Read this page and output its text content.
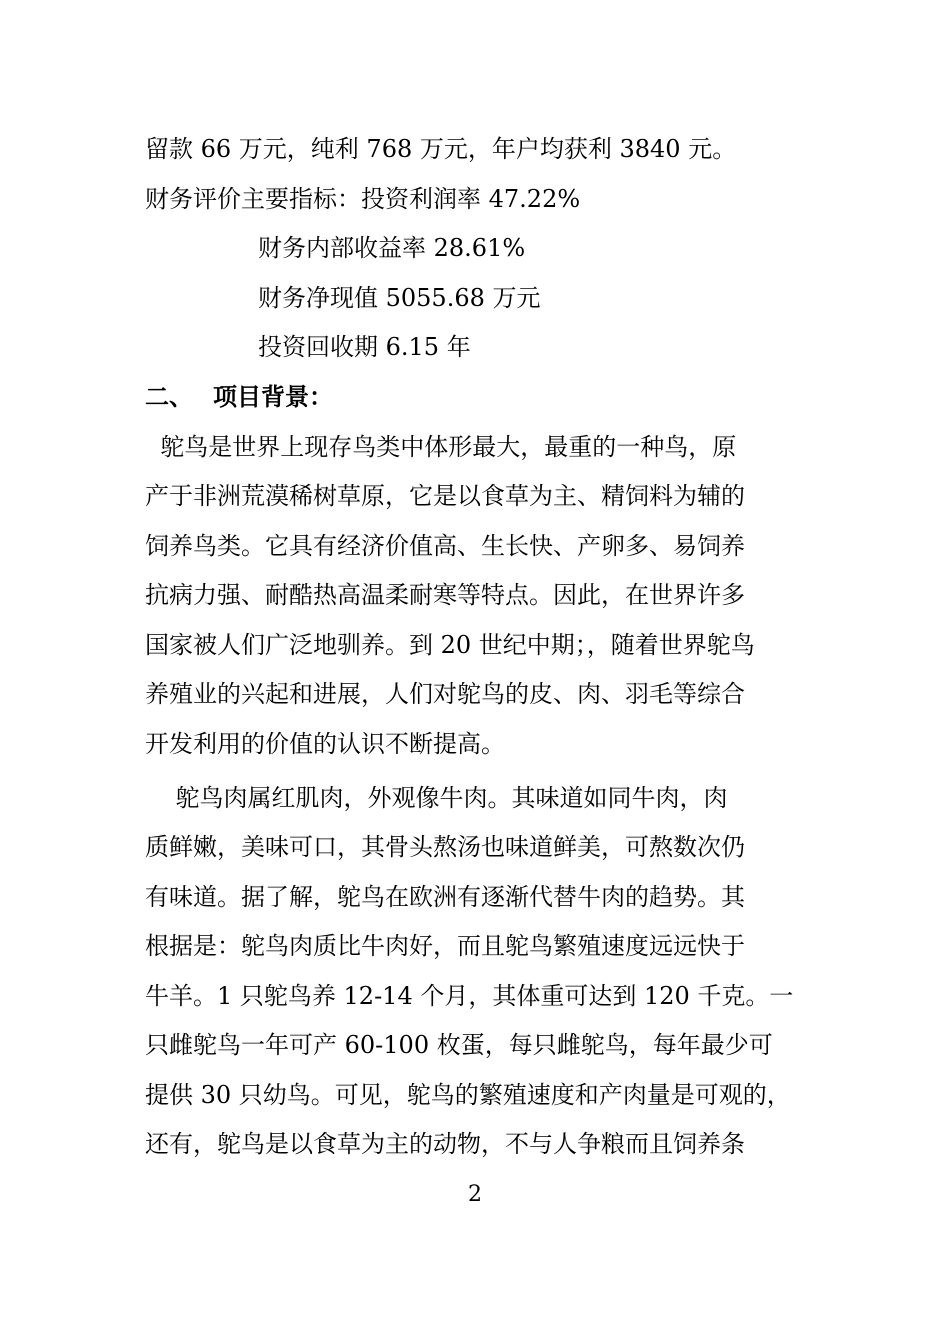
留款 66 万元，纯利 768 万元，年户均获利 3840 元。
财务评价主要指标：投资利润率 47.22%
财务内部收益率 28.61%
财务净现值 5055.68 万元
投资回收期 6.15 年
二、 项目背景：
鸵鸟是世界上现存鸟类中体形最大，最重的一种鸟，原
产于非洲荒漠稀树草原，它是以食草为主、精饲料为辅的
饲养鸟类。它具有经济价值高、生长快、产卵多、易饲养
抗病力强、耐酷热高温柔耐寒等特点。因此，在世界许多
国家被人们广泛地驯养。到 20 世纪中期；，随着世界鸵鸟
养殖业的兴起和进展，人们对鸵鸟的皮、肉、羽毛等综合
开发利用的价值的认识不断提高。
鸵鸟肉属红肌肉，外观像牛肉。其味道如同牛肉，肉
质鲜嫩，美味可口，其骨头熬汤也味道鲜美，可熬数次仍
有味道。据了解，鸵鸟在欧洲有逐渐代替牛肉的趋势。其
根据是：鸵鸟肉质比牛肉好，而且鸵鸟繁殖速度远远快于
牛羊。1 只鸵鸟养 12-14 个月，其体重可达到 120 千克。一
只雌鸵鸟一年可产 60-100 枚蛋，每只雌鸵鸟，每年最少可
提供 30 只幼鸟。可见，鸵鸟的繁殖速度和产肉量是可观的，
还有，鸵鸟是以食草为主的动物，不与人争粮而且饲养条
2
